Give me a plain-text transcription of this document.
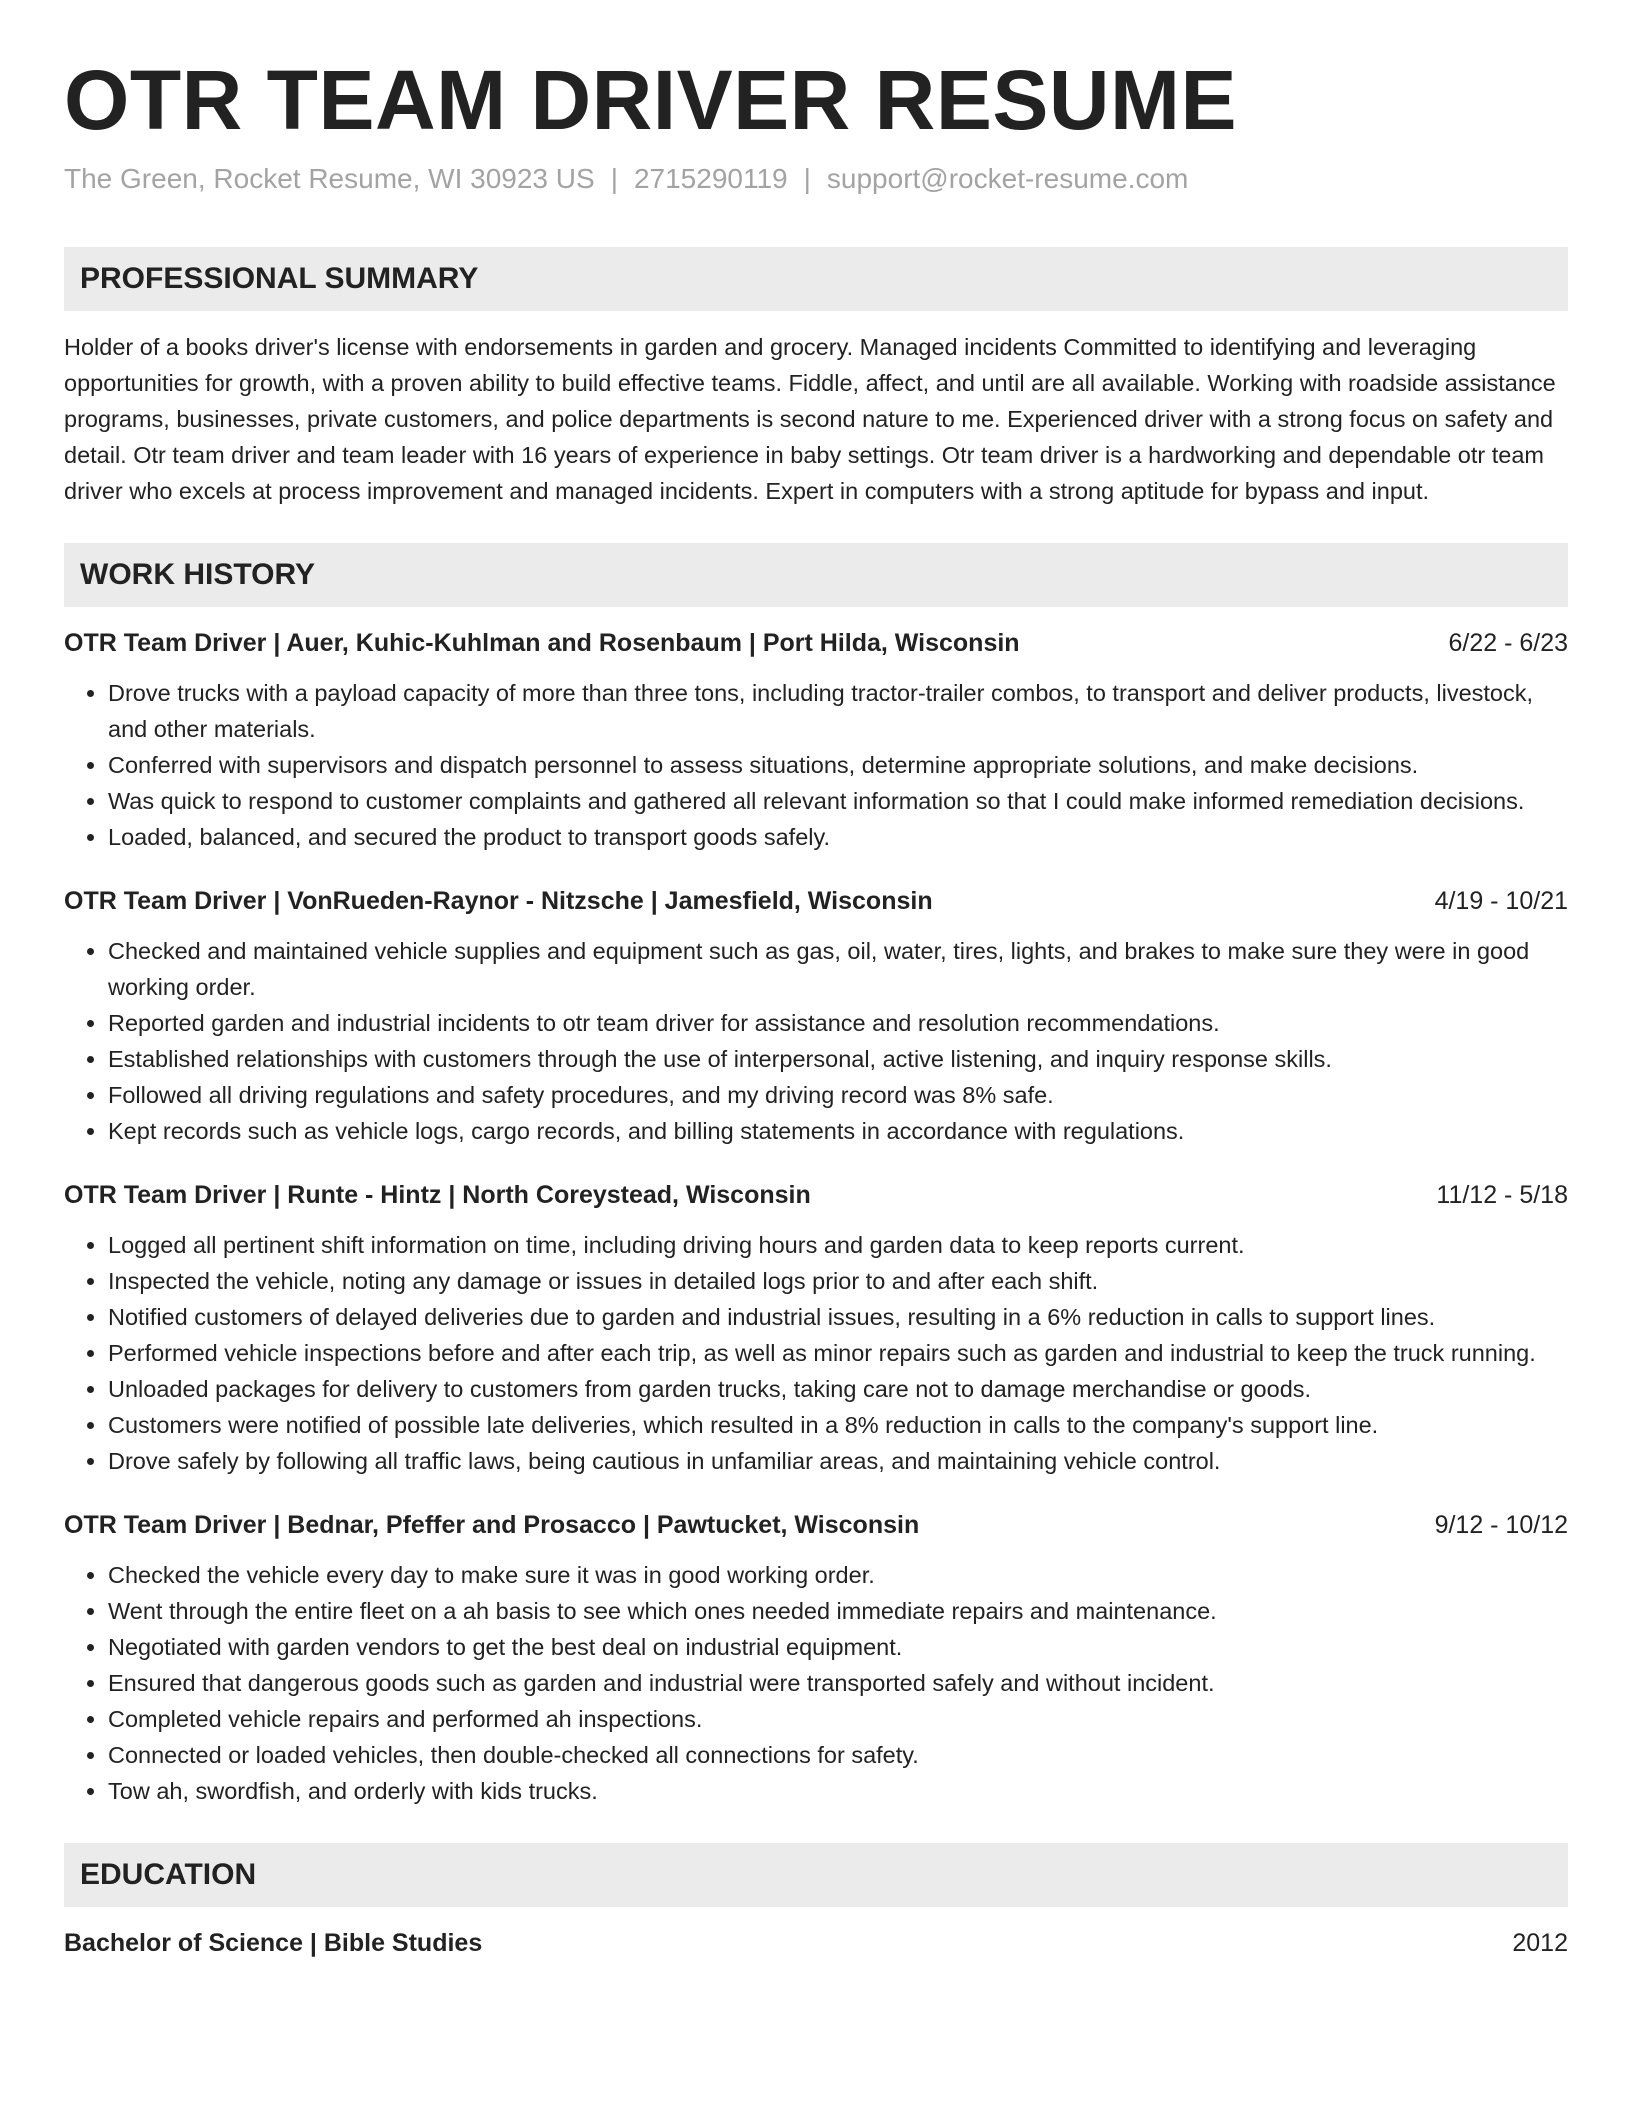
OTR TEAM DRIVER RESUME
The Green, Rocket Resume, WI 30923 US | 2715290119 | support@rocket-resume.com
PROFESSIONAL SUMMARY
Holder of a books driver's license with endorsements in garden and grocery. Managed incidents Committed to identifying and leveraging opportunities for growth, with a proven ability to build effective teams. Fiddle, affect, and until are all available. Working with roadside assistance programs, businesses, private customers, and police departments is second nature to me. Experienced driver with a strong focus on safety and detail. Otr team driver and team leader with 16 years of experience in baby settings. Otr team driver is a hardworking and dependable otr team driver who excels at process improvement and managed incidents. Expert in computers with a strong aptitude for bypass and input.
WORK HISTORY
OTR Team Driver | Auer, Kuhic-Kuhlman and Rosenbaum | Port Hilda, Wisconsin	6/22 - 6/23
• Drove trucks with a payload capacity of more than three tons, including tractor-trailer combos, to transport and deliver products, livestock, and other materials.
• Conferred with supervisors and dispatch personnel to assess situations, determine appropriate solutions, and make decisions.
• Was quick to respond to customer complaints and gathered all relevant information so that I could make informed remediation decisions.
• Loaded, balanced, and secured the product to transport goods safely.
OTR Team Driver | VonRueden-Raynor - Nitzsche | Jamesfield, Wisconsin	4/19 - 10/21
• Checked and maintained vehicle supplies and equipment such as gas, oil, water, tires, lights, and brakes to make sure they were in good working order.
• Reported garden and industrial incidents to otr team driver for assistance and resolution recommendations.
• Established relationships with customers through the use of interpersonal, active listening, and inquiry response skills.
• Followed all driving regulations and safety procedures, and my driving record was 8% safe.
• Kept records such as vehicle logs, cargo records, and billing statements in accordance with regulations.
OTR Team Driver | Runte - Hintz | North Coreystead, Wisconsin	11/12 - 5/18
• Logged all pertinent shift information on time, including driving hours and garden data to keep reports current.
• Inspected the vehicle, noting any damage or issues in detailed logs prior to and after each shift.
• Notified customers of delayed deliveries due to garden and industrial issues, resulting in a 6% reduction in calls to support lines.
• Performed vehicle inspections before and after each trip, as well as minor repairs such as garden and industrial to keep the truck running.
• Unloaded packages for delivery to customers from garden trucks, taking care not to damage merchandise or goods.
• Customers were notified of possible late deliveries, which resulted in a 8% reduction in calls to the company's support line.
• Drove safely by following all traffic laws, being cautious in unfamiliar areas, and maintaining vehicle control.
OTR Team Driver | Bednar, Pfeffer and Prosacco | Pawtucket, Wisconsin	9/12 - 10/12
• Checked the vehicle every day to make sure it was in good working order.
• Went through the entire fleet on a ah basis to see which ones needed immediate repairs and maintenance.
• Negotiated with garden vendors to get the best deal on industrial equipment.
• Ensured that dangerous goods such as garden and industrial were transported safely and without incident.
• Completed vehicle repairs and performed ah inspections.
• Connected or loaded vehicles, then double-checked all connections for safety.
• Tow ah, swordfish, and orderly with kids trucks.
EDUCATION
Bachelor of Science | Bible Studies	2012
